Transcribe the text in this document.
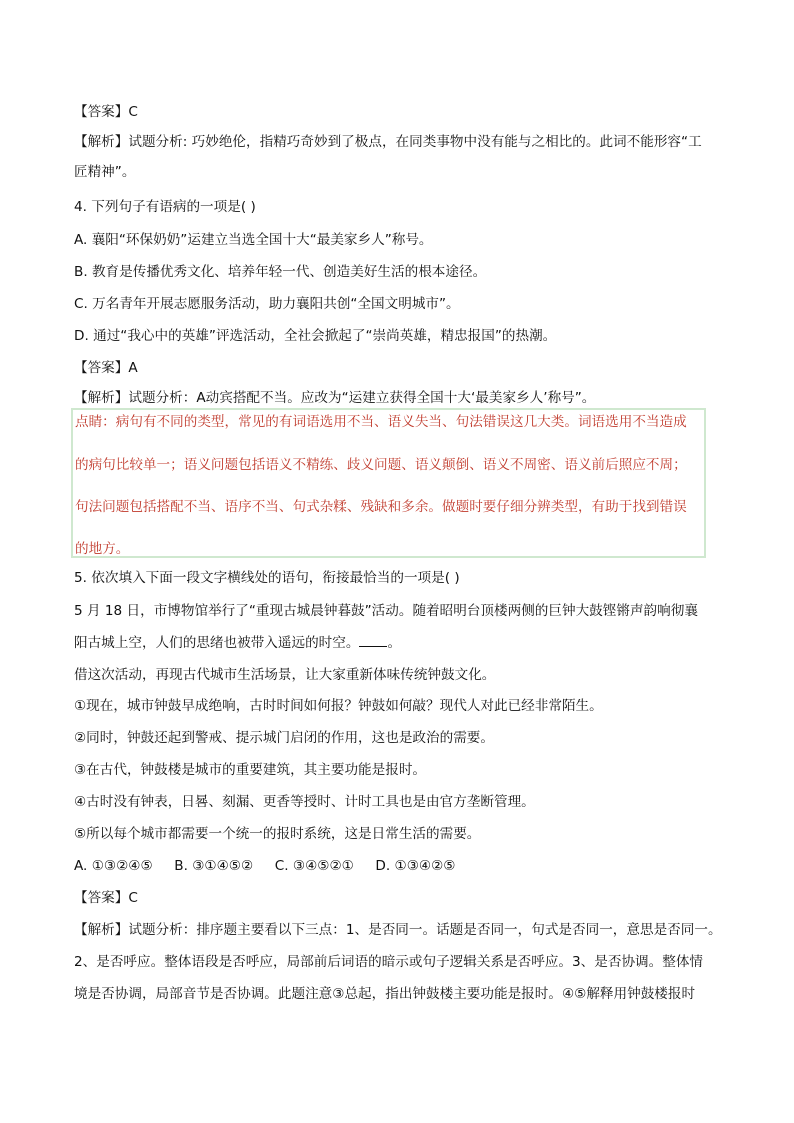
【答案】C
【解析】试题分析: 巧妙绝伦，指精巧奇妙到了极点，在同类事物中没有能与之相比的。此词不能形容“工
匠精神”。
4. 下列句子有语病的一项是( )
A. 襄阳“环保奶奶”运建立当选全国十大“最美家乡人”称号。
B. 教育是传播优秀文化、培养年轻一代、创造美好生活的根本途径。
C. 万名青年开展志愿服务活动，助力襄阳共创“全国文明城市”。
D. 通过“我心中的英雄”评选活动，全社会掀起了“崇尚英雄，精忠报国”的热潮。
【答案】A
【解析】试题分析：A动宾搭配不当。应改为“运建立获得全国十大‘最美家乡人’称号”。
点睛：病句有不同的类型，常见的有词语选用不当、语义失当、句法错误这几大类。词语选用不当造成
的病句比较单一；语义问题包括语义不精练、歧义问题、语义颠倒、语义不周密、语义前后照应不周；
句法问题包括搭配不当、语序不当、句式杂糅、残缺和多余。做题时要仔细分辨类型，有助于找到错误
的地方。
5. 依次填入下面一段文字横线处的语句，衔接最恰当的一项是( )
5 月 18 日，市博物馆举行了“重现古城晨钟暮鼓”活动。随着昭明台顶楼两侧的巨钟大鼓铿锵声韵响彻襄
阳古城上空，人们的思绪也被带入遥远的时空。 。
借这次活动，再现古代城市生活场景，让大家重新体味传统钟鼓文化。
①现在，城市钟鼓早成绝响，古时时间如何报？钟鼓如何敲？现代人对此已经非常陌生。
②同时，钟鼓还起到警戒、提示城门启闭的作用，这也是政治的需要。
③在古代，钟鼓楼是城市的重要建筑，其主要功能是报时。
④古时没有钟表，日晷、刻漏、更香等授时、计时工具也是由官方垄断管理。
⑤所以每个城市都需要一个统一的报时系统，这是日常生活的需要。
A. ①③②④⑤     B. ③①④⑤②     C. ③④⑤②①     D. ①③④②⑤
【答案】C
【解析】试题分析：排序题主要看以下三点：1、是否同一。话题是否同一，句式是否同一，意思是否同一。
2、是否呼应。整体语段是否呼应，局部前后词语的暗示或句子逻辑关系是否呼应。3、是否协调。整体情
境是否协调，局部音节是否协调。此题注意③总起，指出钟鼓楼主要功能是报时。④⑤解释用钟鼓楼报时
